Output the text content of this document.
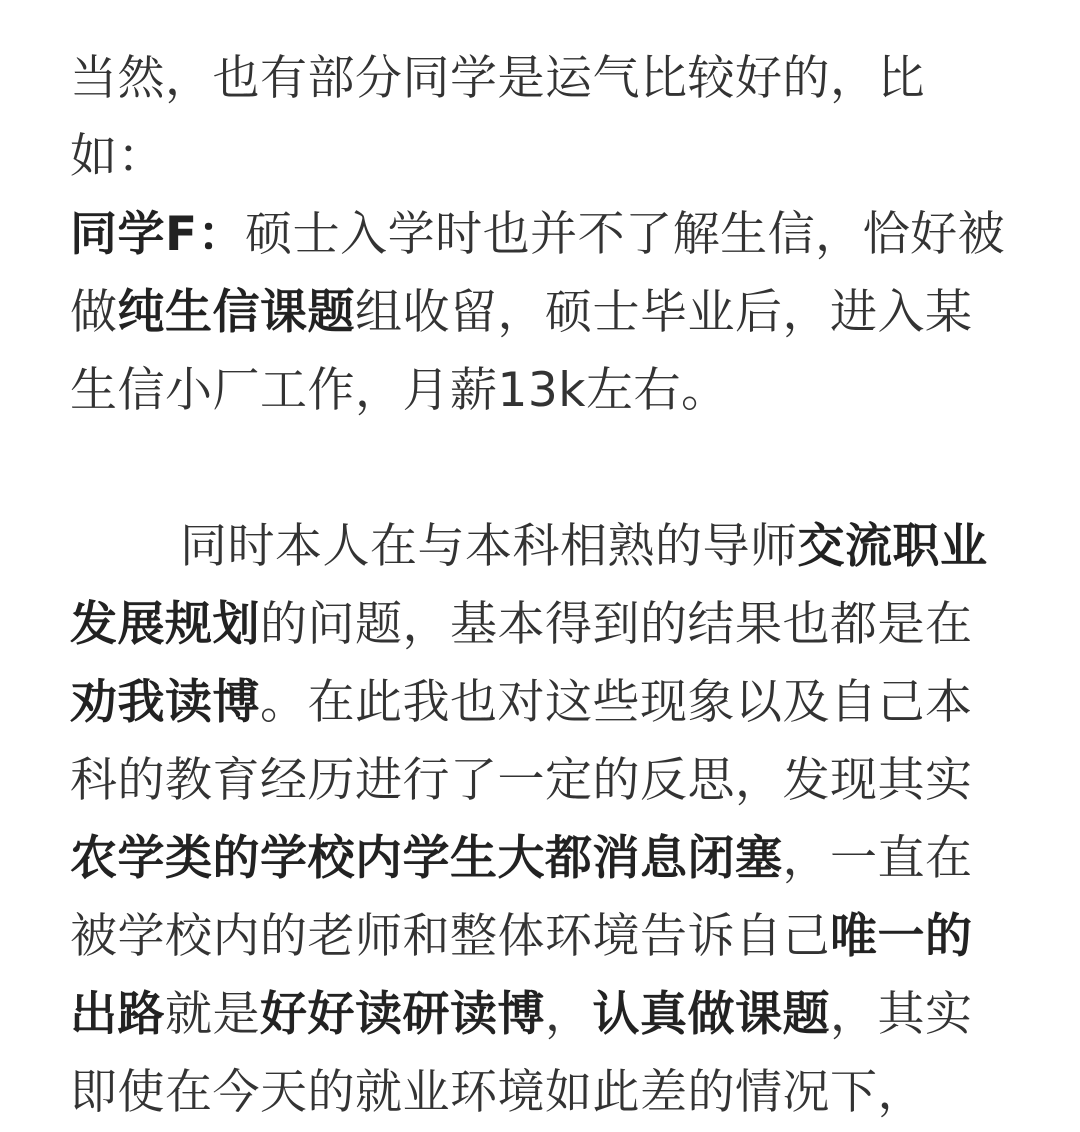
当然，也有部分同学是运气比较好的，比如：

同学F：硕士入学时也并不了解生信，恰好被做纯生信课题组收留，硕士毕业后，进入某生信小厂工作，月薪13k左右。

同时本人在与本科相熟的导师交流职业发展规划的问题，基本得到的结果也都是在劝我读博。在此我也对这些现象以及自己本科的教育经历进行了一定的反思，发现其实农学类的学校内学生大都消息闭塞，一直在被学校内的老师和整体环境告诉自己唯一的出路就是好好读研读博，认真做课题，其实即使在今天的就业环境如此差的情况下，
